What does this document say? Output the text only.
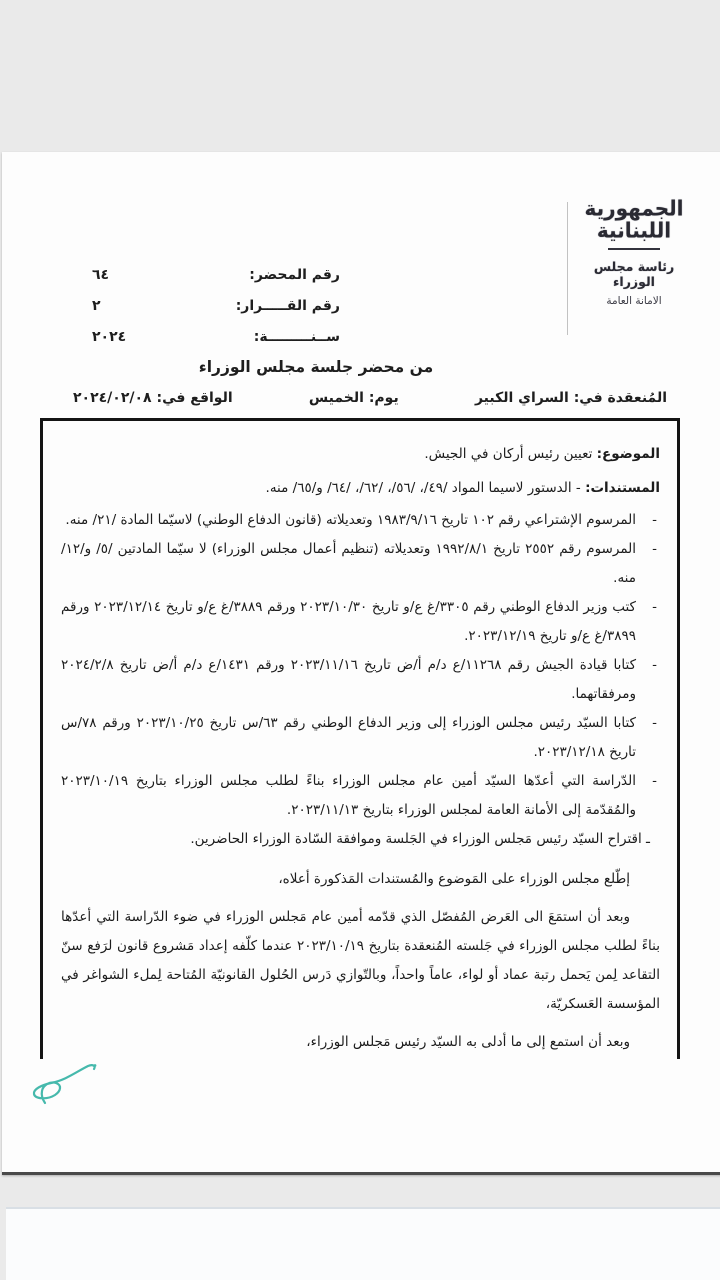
الجمهورية
اللبنانية
رئاسة مجلس الوزراء
الامانة العامة
رقم المحضر:
٦٤
رقم القـــــرار:
٢
ســنـــــــــة:
٢٠٢٤
من محضر جلسة مجلس الوزراء
المُنعقدة في: السراي الكبير
يوم: الخميس
الواقع في: ٢٠٢٤/٠٢/٠٨
الموضوع: تعيين رئيس أركان في الجيش.
المستندات: - الدستور لاسيما المواد /٤٩/، /٥٦/، /٦٢/، /٦٤/ و/٦٥/ منه.
-
المرسوم الإشتراعي رقم ١٠٢ تاريخ ١٩٨٣/٩/١٦ وتعديلاته (قانون الدفاع الوطني) لاسيّما المادة /٢١/ منه.
-
المرسوم رقم ٢٥٥٢ تاريخ ١٩٩٢/٨/١ وتعديلاته (تنظيم أعمال مجلس الوزراء) لا سيّما المادتين /٥/ و/١٢/ منه.
-
كتب وزير الدفاع الوطني رقم ٣٣٠٥/غ ع/و تاريخ ٢٠٢٣/١٠/٣٠ ورقم ٣٨٨٩/غ ع/و تاريخ ٢٠٢٣/١٢/١٤ ورقم ٣٨٩٩/غ ع/و تاريخ ٢٠٢٣/١٢/١٩.
-
كتابا قيادة الجيش رقم ١١٢٦٨/ع د/م أ/ض تاريخ ٢٠٢٣/١١/١٦ ورقم ١٤٣١/ع د/م أ/ض تاريخ ٢٠٢٤/٢/٨ ومرفقاتهما.
-
كتابا السيّد رئيس مجلس الوزراء إلى وزير الدفاع الوطني رقم ٦٣/س تاريخ ٢٠٢٣/١٠/٢٥ ورقم ٧٨/س تاريخ ٢٠٢٣/١٢/١٨.
-
الدّراسة التي أعدّها السيّد أمين عام مجلس الوزراء بناءً لطلب مجلس الوزراء بتاريخ ٢٠٢٣/١٠/١٩ والمُقدّمة إلى الأمانة العامة لمجلس الوزراء بتاريخ ٢٠٢٣/١١/١٣.
ـ اقتراح السيّد رئيس مَجلس الوزراء في الجَلسة وموافقة السّادة الوزراء الحاضرين.
إطّلع مجلس الوزراء على المَوضوع والمُستندات المَذكورة أعلاه،
وبعد أن استمَعَ الى العَرض المُفصّل الذي قدّمه أمين عام مَجلس الوزراء في ضوء الدّراسة التي أعدّها بناءً لطلب مجلس الوزراء في جَلسته المُنعقدة بتاريخ ٢٠٢٣/١٠/١٩ عندما كلّفه إعداد مَشروع قانون لرَفع سنّ التقاعد لِمن يَحمل رتبة عماد أو لواء، عاماً واحداً، وبالتّوازي دَرس الحُلول القانونيّة المُتاحة لِملء الشواغر في المؤسسة العَسكريّة،
وبعد أن استمع إلى ما أدلى به السيّد رئيس مَجلس الوزراء،
